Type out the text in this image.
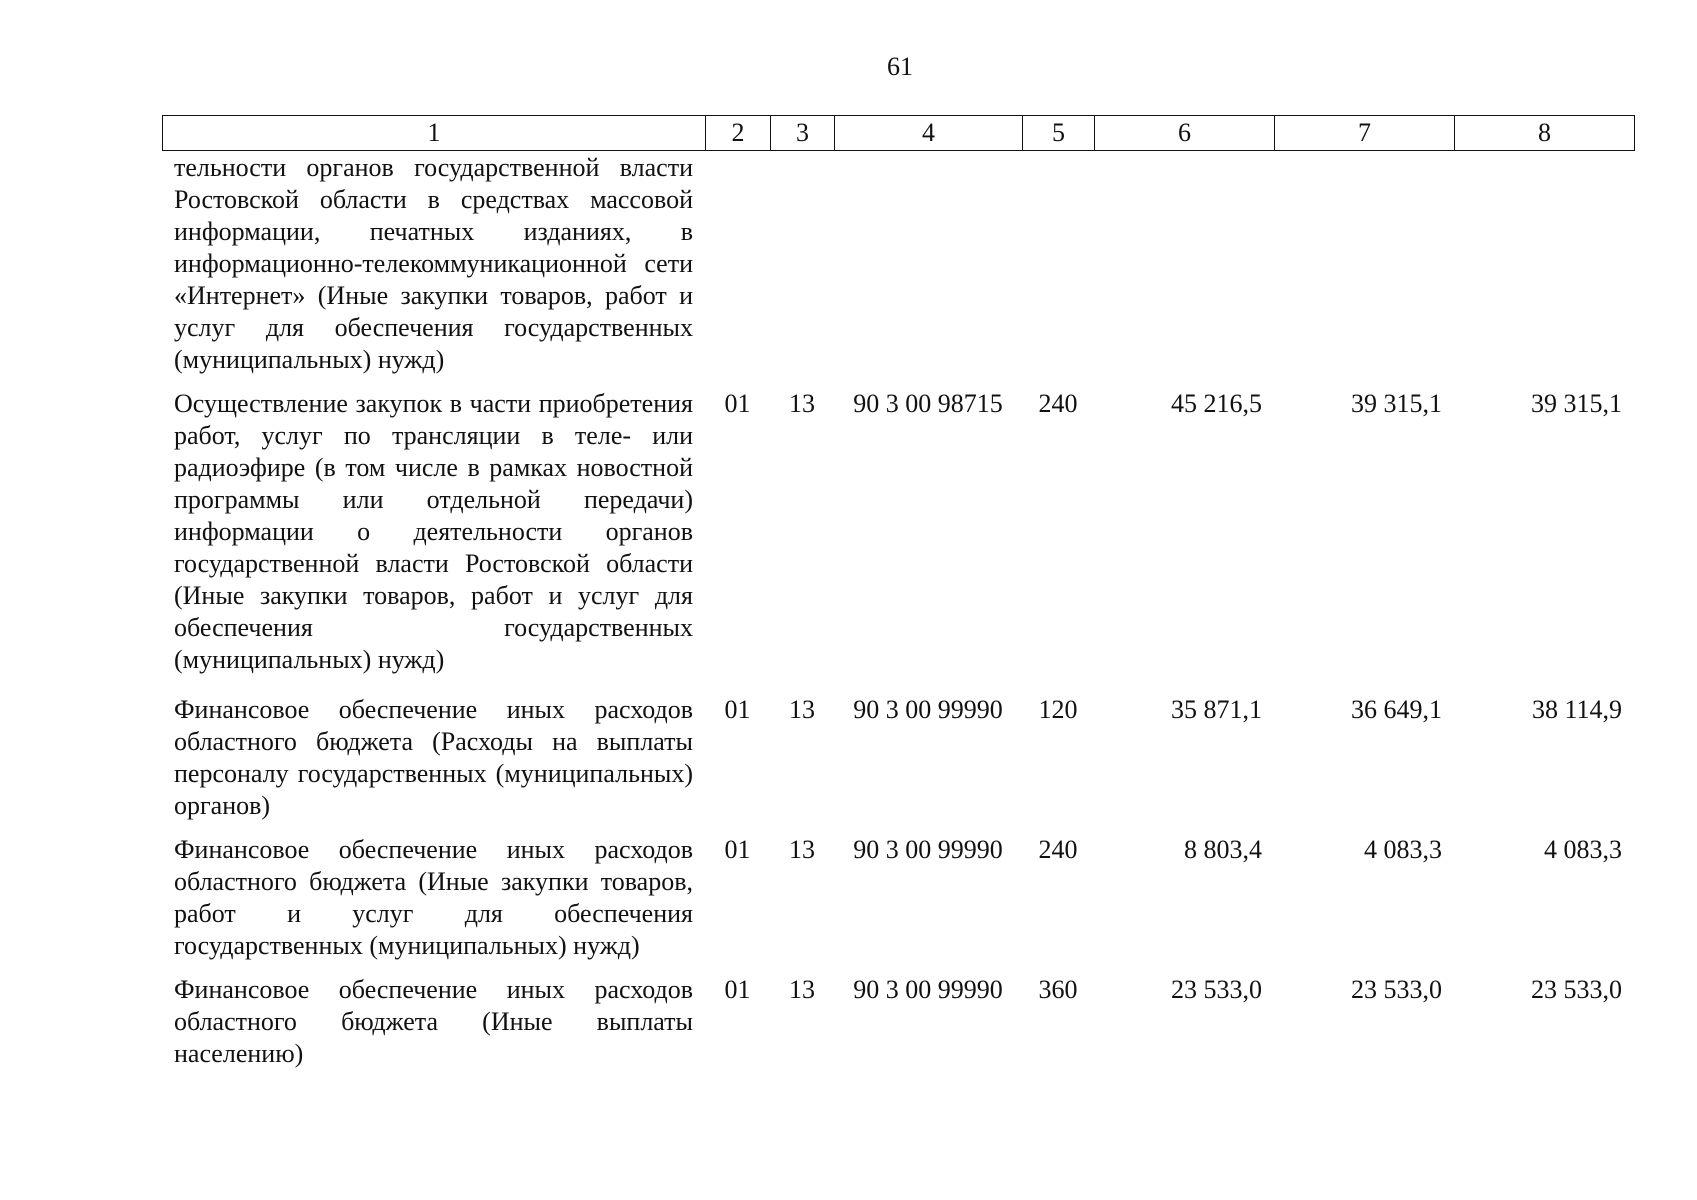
61
1	2	3	4	5	6	7	8
тельности органов государственной власти Ростовской области в средствах массовой информации, печатных изданиях, в информационно-телекоммуникационной сети «Интернет» (Иные закупки товаров, работ и услуг для обеспечения государственных (муниципальных) нужд)							
Осуществление закупок в части приобретения работ, услуг по трансляции в теле- или радиоэфире (в том числе в рамках новостной программы или отдельной передачи) информации о деятельности органов государственной власти Ростовской области (Иные закупки товаров, работ и услуг для обеспечения государственных (муниципальных) нужд)	01	13	90 3 00 98715	240	45 216,5	39 315,1	39 315,1
Финансовое обеспечение иных расходов областного бюджета (Расходы на выплаты персоналу государственных (муниципальных) органов)	01	13	90 3 00 99990	120	35 871,1	36 649,1	38 114,9
Финансовое обеспечение иных расходов областного бюджета (Иные закупки товаров, работ и услуг для обеспечения государственных (муниципальных) нужд)	01	13	90 3 00 99990	240	8 803,4	4 083,3	4 083,3
Финансовое обеспечение иных расходов областного бюджета (Иные выплаты населению)	01	13	90 3 00 99990	360	23 533,0	23 533,0	23 533,0
